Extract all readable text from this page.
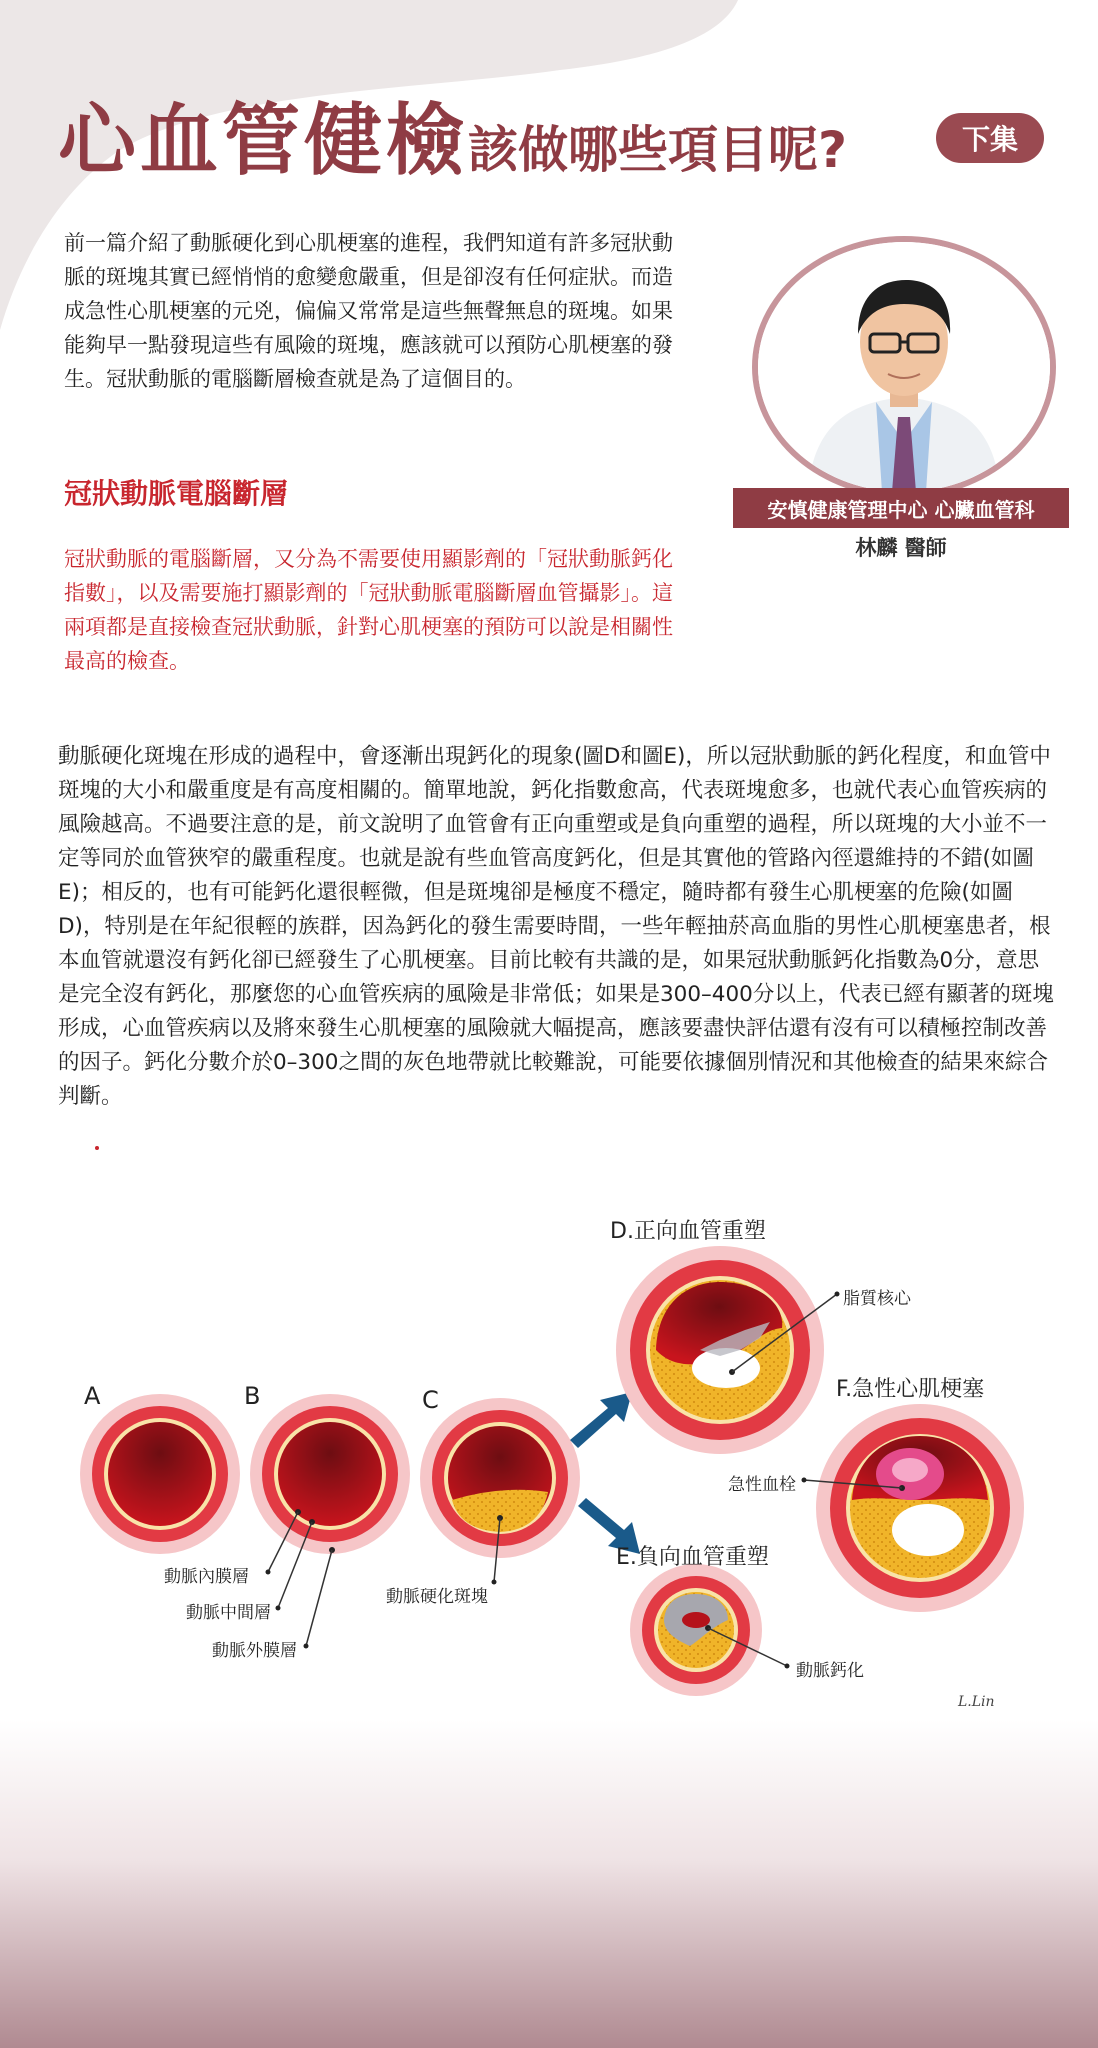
心血管健檢該做哪些項目呢?	下集

前一篇介紹了動脈硬化到心肌梗塞的進程，我們知道有許多冠狀動脈的斑塊其實已經悄悄的愈變愈嚴重，但是卻沒有任何症狀。而造成急性心肌梗塞的元兇，偏偏又常常是這些無聲無息的斑塊。如果能夠早一點發現這些有風險的斑塊，應該就可以預防心肌梗塞的發生。冠狀動脈的電腦斷層檢查就是為了這個目的。

冠狀動脈電腦斷層

冠狀動脈的電腦斷層，又分為不需要使用顯影劑的「冠狀動脈鈣化指數」，以及需要施打顯影劑的「冠狀動脈電腦斷層血管攝影」。這兩項都是直接檢查冠狀動脈，針對心肌梗塞的預防可以說是相關性最高的檢查。

安慎健康管理中心 心臟血管科
林麟 醫師

動脈硬化斑塊在形成的過程中，會逐漸出現鈣化的現象(圖D和圖E)，所以冠狀動脈的鈣化程度，和血管中斑塊的大小和嚴重度是有高度相關的。簡單地說，鈣化指數愈高，代表斑塊愈多，也就代表心血管疾病的風險越高。不過要注意的是，前文說明了血管會有正向重塑或是負向重塑的過程，所以斑塊的大小並不一定等同於血管狹窄的嚴重程度。也就是說有些血管高度鈣化，但是其實他的管路內徑還維持的不錯(如圖E)；相反的，也有可能鈣化還很輕微，但是斑塊卻是極度不穩定，隨時都有發生心肌梗塞的危險(如圖D)，特別是在年紀很輕的族群，因為鈣化的發生需要時間，一些年輕抽菸高血脂的男性心肌梗塞患者，根本血管就還沒有鈣化卻已經發生了心肌梗塞。目前比較有共識的是，如果冠狀動脈鈣化指數為0分，意思是完全沒有鈣化，那麼您的心血管疾病的風險是非常低；如果是300–400分以上，代表已經有顯著的斑塊形成，心血管疾病以及將來發生心肌梗塞的風險就大幅提高，應該要盡快評估還有沒有可以積極控制改善的因子。鈣化分數介於0–300之間的灰色地帶就比較難說，可能要依據個別情況和其他檢查的結果來綜合判斷。

A	B	C
D.正向血管重塑
E.負向血管重塑
F.急性心肌梗塞
動脈內膜層
動脈中間層
動脈外膜層
動脈硬化斑塊
脂質核心
急性血栓
動脈鈣化
L.Lin
